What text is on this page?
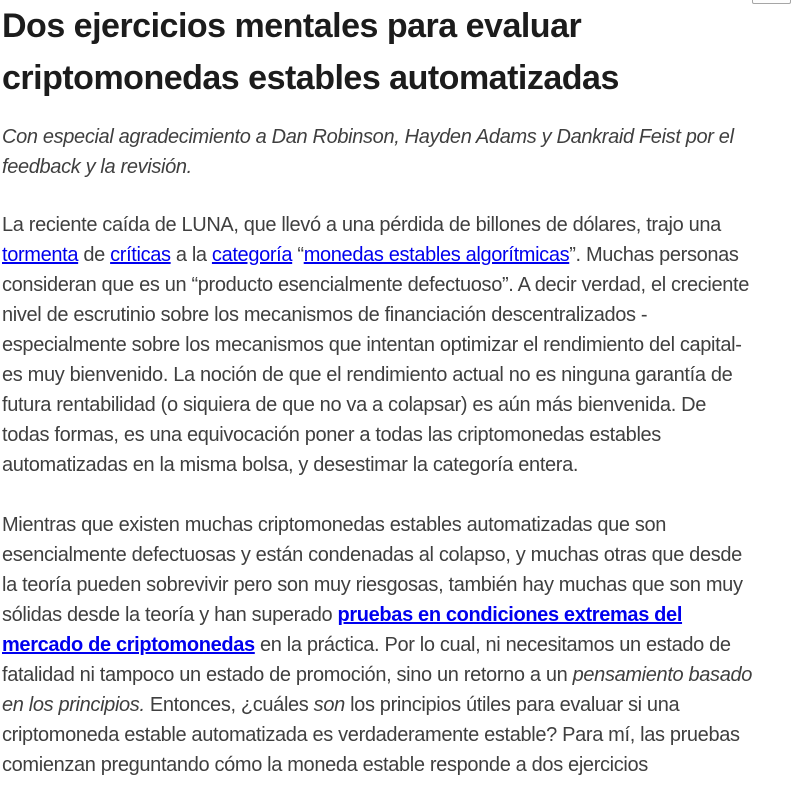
Dos ejercicios mentales para evaluar criptomonedas estables automatizadas

Con especial agradecimiento a Dan Robinson, Hayden Adams y Dankraid Feist por el feedback y la revisión.

La reciente caída de LUNA, que llevó a una pérdida de billones de dólares, trajo una tormenta de críticas a la categoría “monedas estables algorítmicas”. Muchas personas consideran que es un “producto esencialmente defectuoso”. A decir verdad, el creciente nivel de escrutinio sobre los mecanismos de financiación descentralizados -especialmente sobre los mecanismos que intentan optimizar el rendimiento del capital- es muy bienvenido. La noción de que el rendimiento actual no es ninguna garantía de futura rentabilidad (o siquiera de que no va a colapsar) es aún más bienvenida. De todas formas, es una equivocación poner a todas las criptomonedas estables automatizadas en la misma bolsa, y desestimar la categoría entera.

Mientras que existen muchas criptomonedas estables automatizadas que son esencialmente defectuosas y están condenadas al colapso, y muchas otras que desde la teoría pueden sobrevivir pero son muy riesgosas, también hay muchas que son muy sólidas desde la teoría y han superado pruebas en condiciones extremas del mercado de criptomonedas en la práctica. Por lo cual, ni necesitamos un estado de fatalidad ni tampoco un estado de promoción, sino un retorno a un pensamiento basado en los principios. Entonces, ¿cuáles son los principios útiles para evaluar si una criptomoneda estable automatizada es verdaderamente estable? Para mí, las pruebas comienzan preguntando cómo la moneda estable responde a dos ejercicios
